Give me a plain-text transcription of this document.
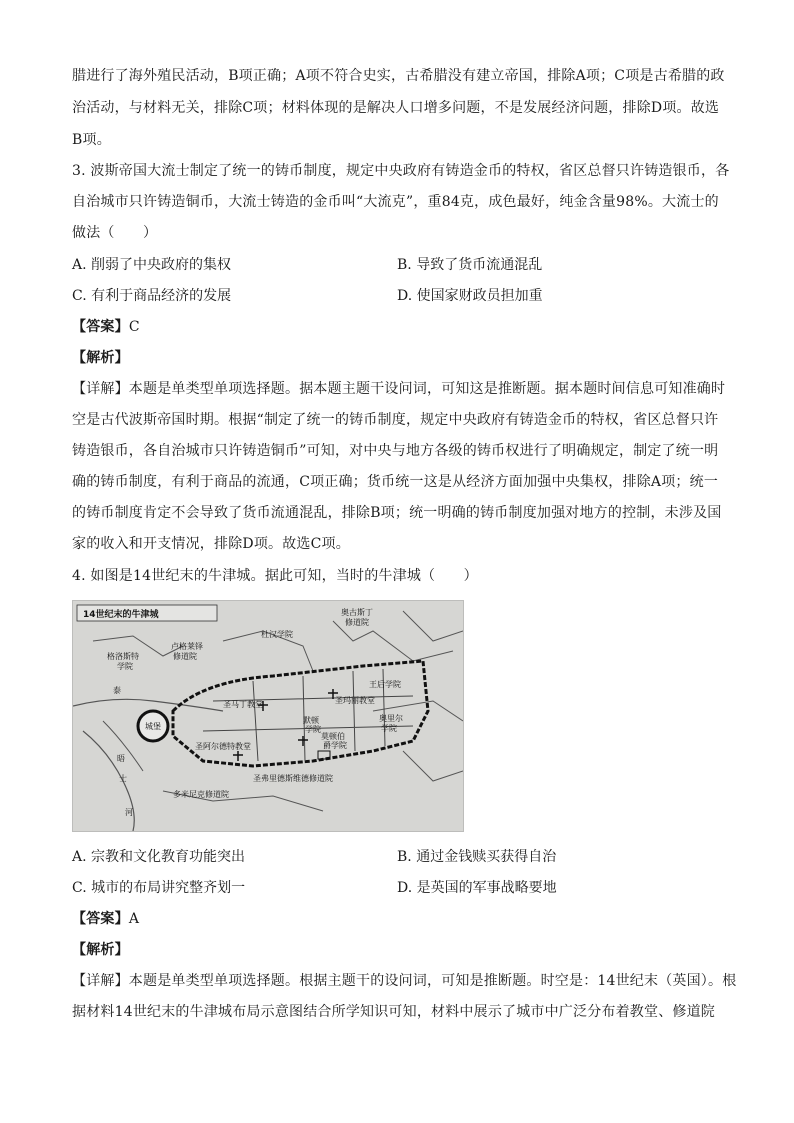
腊进行了海外殖民活动，B项正确；A项不符合史实，古希腊没有建立帝国，排除A项；C项是古希腊的政
治活动，与材料无关，排除C项；材料体现的是解决人口增多问题，不是发展经济问题，排除D项。故选
B项。
3. 波斯帝国大流士制定了统一的铸币制度，规定中央政府有铸造金币的特权，省区总督只许铸造银币，各
自治城市只许铸造铜币，大流士铸造的金币叫“大流克”，重84克，成色最好，纯金含量98%。大流士的
做法（　　）
A. 削弱了中央政府的集权	B. 导致了货币流通混乱
C. 有利于商品经济的发展	D. 使国家财政员担加重
【答案】C
【解析】
【详解】本题是单类型单项选择题。据本题主题干设问词，可知这是推断题。据本题时间信息可知准确时
空是古代波斯帝国时期。根据“制定了统一的铸币制度，规定中央政府有铸造金币的特权，省区总督只许
铸造银币，各自治城市只许铸造铜币”可知，对中央与地方各级的铸币权进行了明确规定，制定了统一明
确的铸币制度，有利于商品的流通，C项正确；货币统一这是从经济方面加强中央集权，排除A项；统一
的铸币制度肯定不会导致了货币流通混乱，排除B项；统一明确的铸币制度加强对地方的控制，未涉及国
家的收入和开支情况，排除D项。故选C项。
4. 如图是14世纪末的牛津城。据此可知，当时的牛津城（　　）
14世纪末的牛津城	奥古斯丁
修道院
杜汉学院
格洛斯特
学院
卢格莱铎
修道院
王后学院
圣玛丽教堂
圣马丁教堂
默顿
学院
莫顿伯
爵学院
奥里尔
学院
城堡
圣阿尔德特教堂
多米尼克修道院
圣弗里德斯维德修道院
泰
晤
士
河
A. 宗教和文化教育功能突出	B. 通过金钱赎买获得自治
C. 城市的布局讲究整齐划一	D. 是英国的军事战略要地
【答案】A
【解析】
【详解】本题是单类型单项选择题。根据主题干的设问词，可知是推断题。时空是：14世纪末（英国）。根
据材料14世纪末的牛津城布局示意图结合所学知识可知，材料中展示了城市中广泛分布着教堂、修道院
